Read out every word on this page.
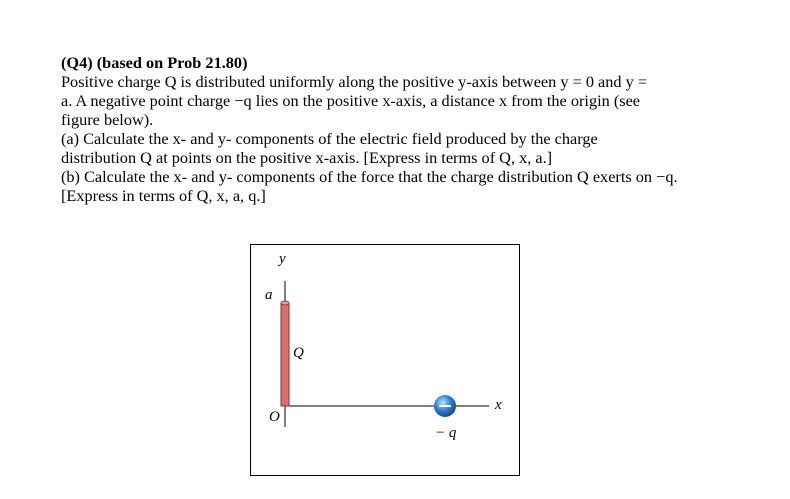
(Q4) (based on Prob 21.80)
Positive charge Q is distributed uniformly along the positive y-axis between y = 0 and y =
a. A negative point charge −q lies on the positive x-axis, a distance x from the origin (see
figure below).
(a) Calculate the x- and y- components of the electric field produced by the charge
distribution Q at points on the positive x-axis. [Express in terms of Q, x, a.]
(b) Calculate the x- and y- components of the force that the charge distribution Q exerts on −q.
[Express in terms of Q, x, a, q.]
y
a
Q
O
x
− q
